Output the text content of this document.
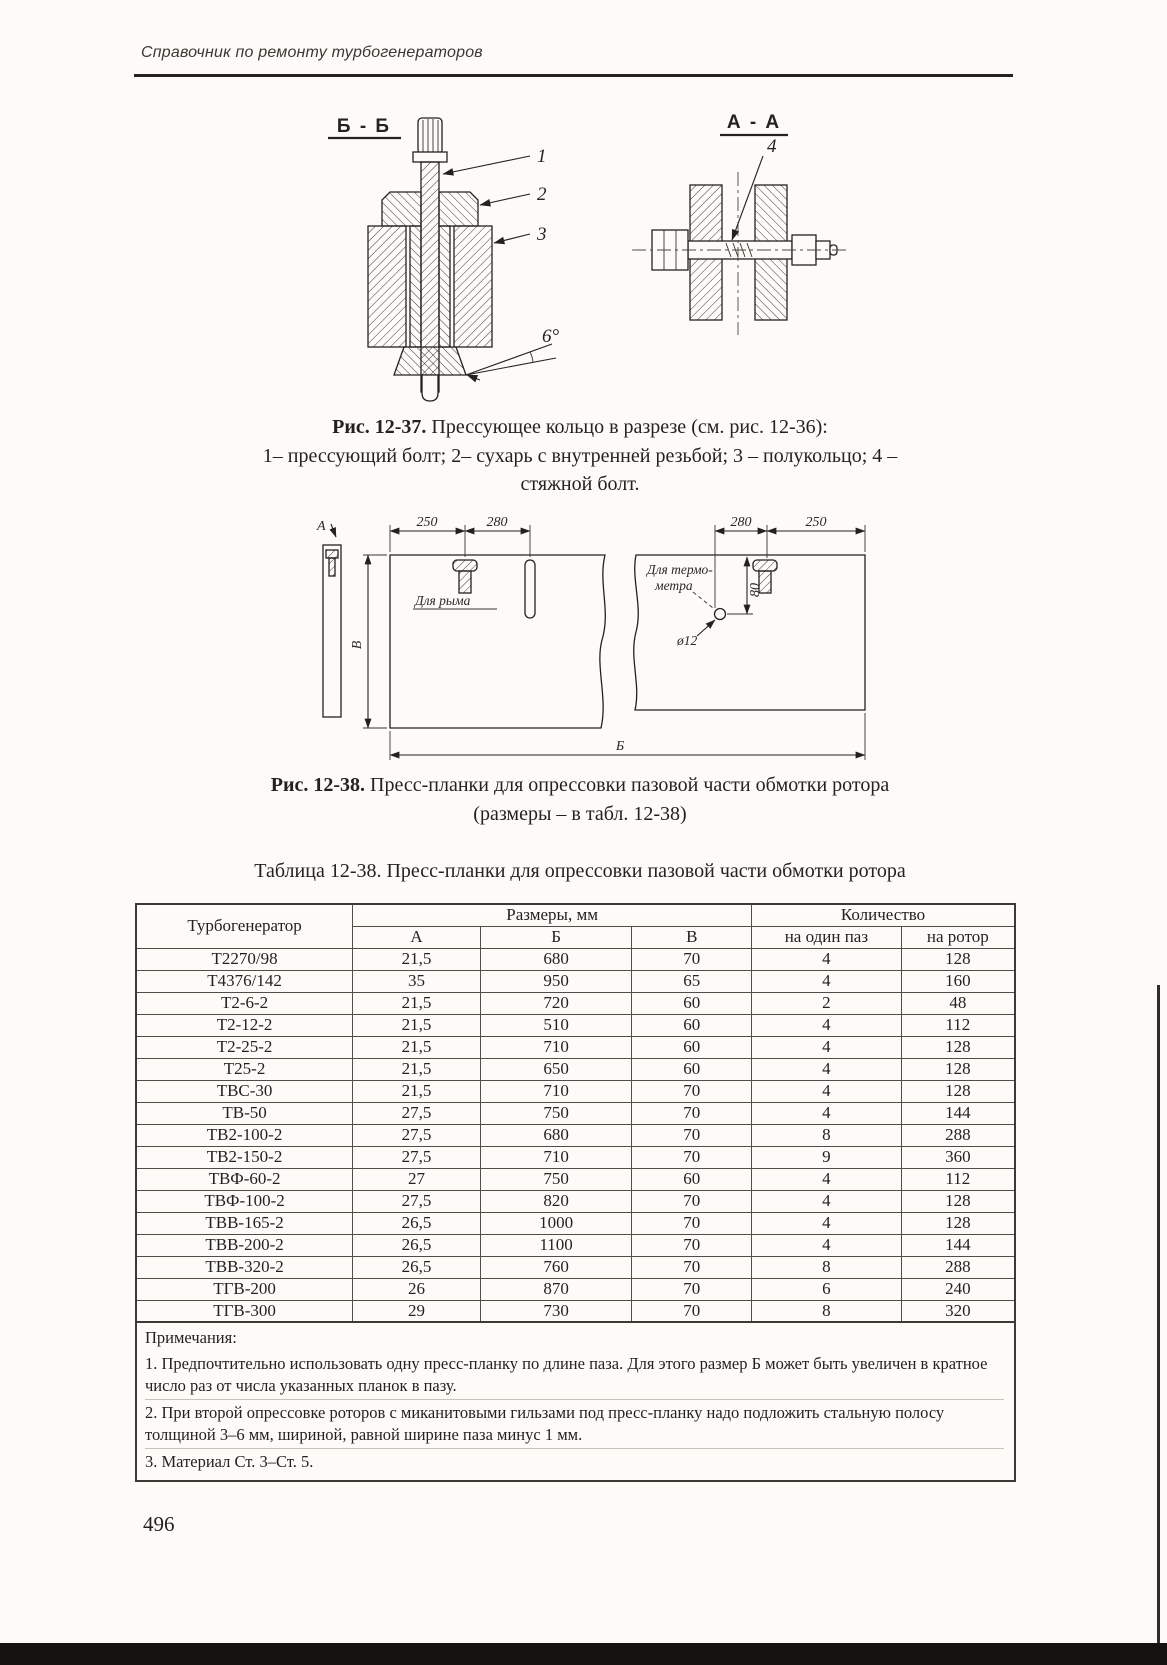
Справочник по ремонту турбогенераторов
Б - Б
1
2
3
6°
А - А
4
Рис. 12-37. Прессующее кольцо в разрезе (см. рис. 12-36):
1– прессующий болт; 2– сухарь с внутренней резьбой; 3 – полукольцо; 4 –
стяжной болт.
А
Для рыма
250	280
В
Для термо-
метра
ø12
280	250
80
Б
Рис. 12-38. Пресс-планки для опрессовки пазовой части обмотки ротора
(размеры – в табл. 12-38)
Таблица 12-38. Пресс-планки для опрессовки пазовой части обмотки ротора
Турбогенератор	Размеры, мм			Количество	
	А	Б	В	на один паз	на ротор
Т2270/98	21,5	680	70	4	128
Т4376/142	35	950	65	4	160
Т2-6-2	21,5	720	60	2	48
Т2-12-2	21,5	510	60	4	112
Т2-25-2	21,5	710	60	4	128
Т25-2	21,5	650	60	4	128
ТВС-30	21,5	710	70	4	128
ТВ-50	27,5	750	70	4	144
ТВ2-100-2	27,5	680	70	8	288
ТВ2-150-2	27,5	710	70	9	360
ТВФ-60-2	27	750	60	4	112
ТВФ-100-2	27,5	820	70	4	128
ТВВ-165-2	26,5	1000	70	4	128
ТВВ-200-2	26,5	1100	70	4	144
ТВВ-320-2	26,5	760	70	8	288
ТГВ-200	26	870	70	6	240
ТГВ-300	29	730	70	8	320
Примечания:

1. Предпочтительно использовать одну пресс-планку по длине паза. Для этого размер Б может быть увеличен в кратное число раз от числа указанных планок в пазу.

2. При второй опрессовке роторов с миканитовыми гильзами под пресс-планку надо подложить стальную полосу толщиной 3–6 мм, шириной, равной ширине паза минус 1 мм.

3. Материал Ст. 3–Ст. 5.

496
